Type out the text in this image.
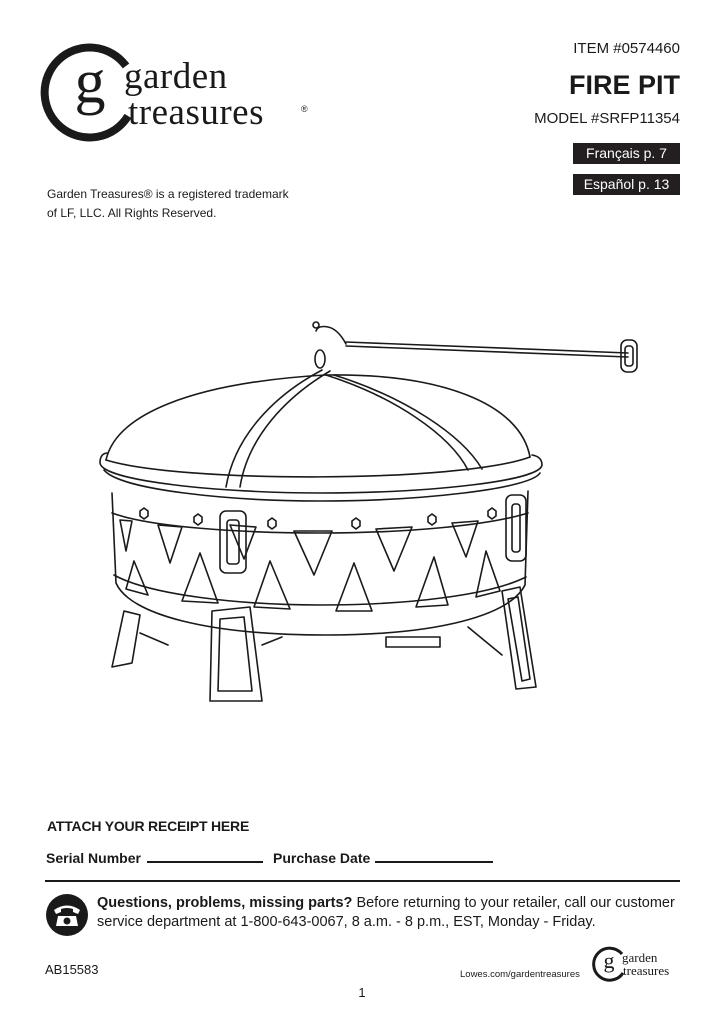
g garden
treasures	®
Garden Treasures® is a registered trademark
of LF, LLC. All Rights Reserved.
ITEM #0574460
FIRE PIT
MODEL #SRFP11354
Français p. 7
Español p. 13
ATTACH YOUR RECEIPT HERE
Serial Number	Purchase Date
Questions, problems, missing parts? Before returning to your retailer, call our customer service department at 1-800-643-0067, 8 a.m. - 8 p.m., EST, Monday - Friday.
AB15583	Lowes.com/gardentreasures
g garden
treasures
1
